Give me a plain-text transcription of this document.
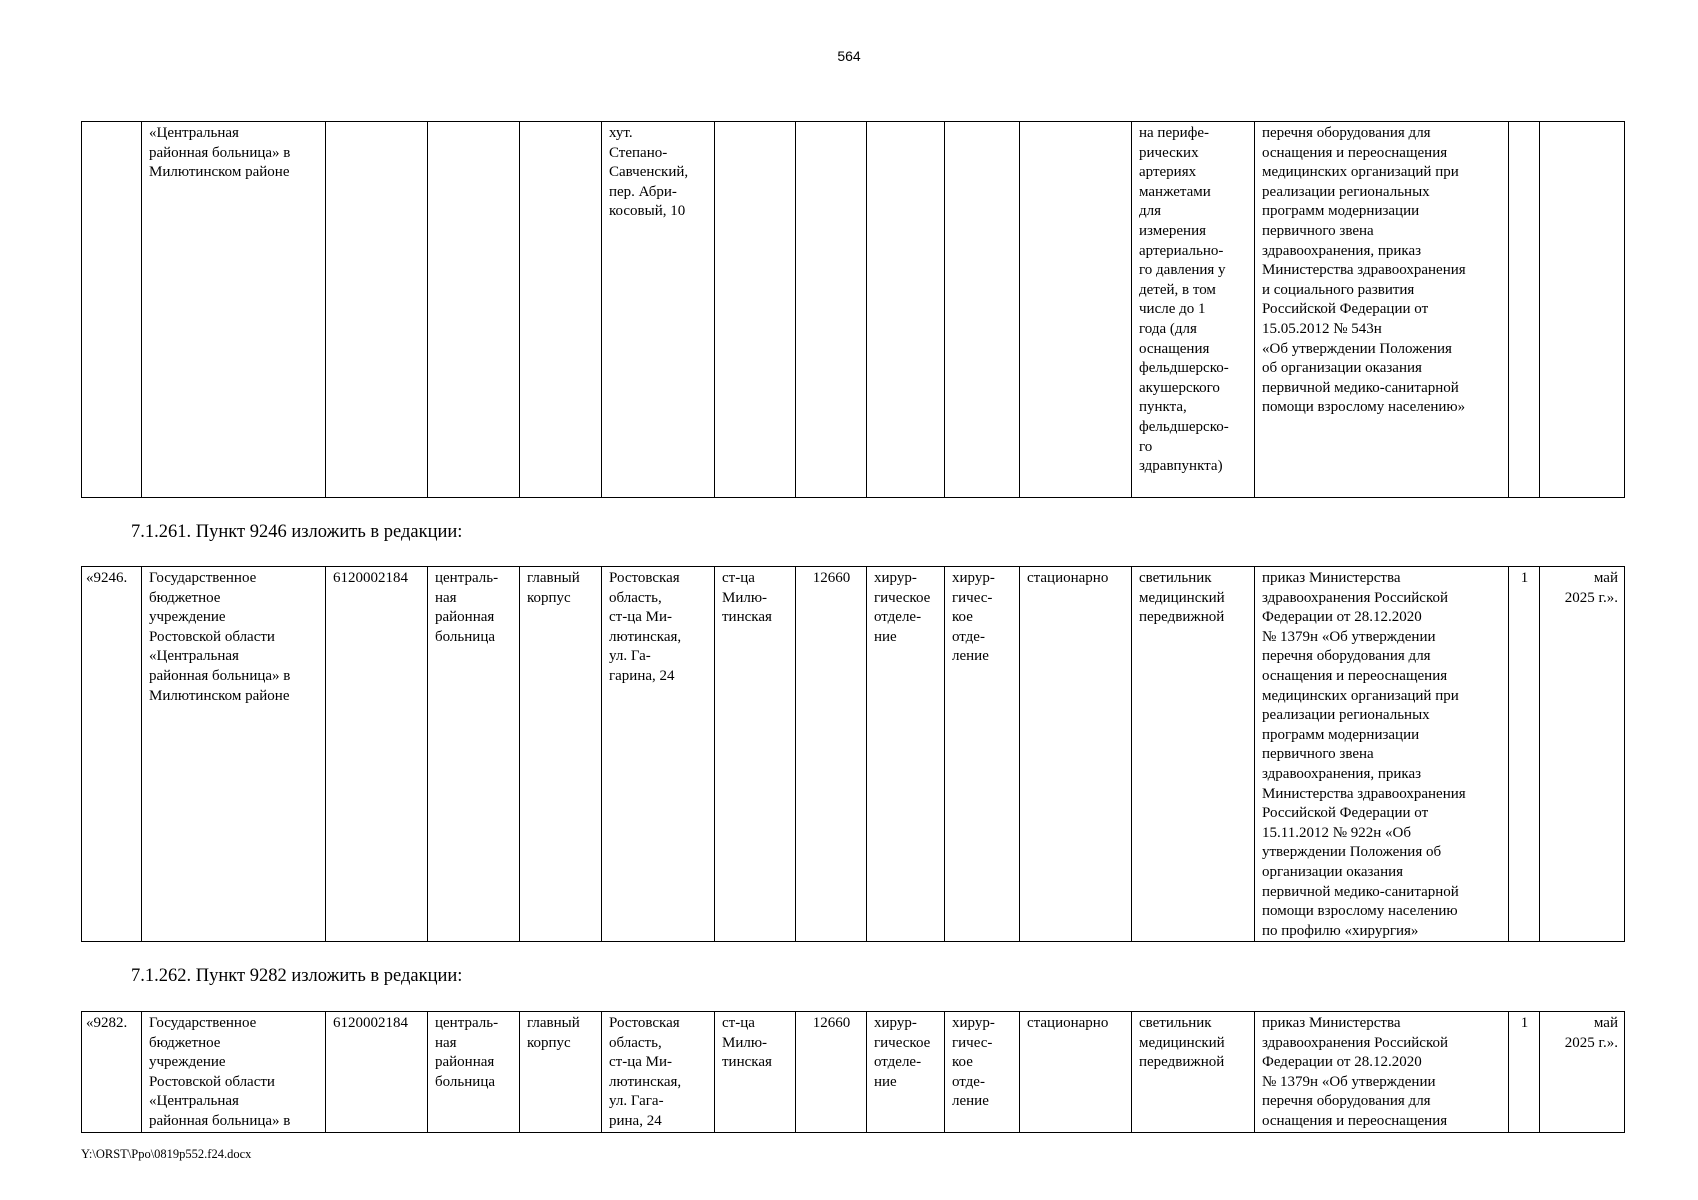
564
	«Центральная
районная больница» в
Милютинском районе				хут.
Степано-
Савченский,
пер. Абри-
косовый, 10						на перифе-
рических
артериях
манжетами
для
измерения
артериально-
го давления у
детей, в том
числе до 1
года (для
оснащения
фельдшерско-
акушерского
пункта,
фельдшерско-
го
здравпункта)	перечня оборудования для
оснащения и переоснащения
медицинских организаций при
реализации региональных
программ модернизации
первичного звена
здравоохранения, приказ
Министерства здравоохранения
и социального развития
Российской Федерации от
15.05.2012 № 543н
«Об утверждении Положения
об организации оказания
первичной медико-санитарной
помощи взрослому населению»		
7.1.261. Пункт 9246 изложить в редакции:
«9246.	Государственное
бюджетное
учреждение
Ростовской области
«Центральная
районная больница» в
Милютинском районе	6120002184	централь-
ная
районная
больница	главный
корпус	Ростовская
область,
ст-ца Ми-
лютинская,
ул. Га-
гарина, 24	ст-ца
Милю-
тинская	12660	хирур-
гическое
отделе-
ние	хирур-
гичес-
кое
отде-
ление	стационарно	светильник
медицинский
передвижной	приказ Министерства
здравоохранения Российской
Федерации от 28.12.2020
№ 1379н «Об утверждении
перечня оборудования для
оснащения и переоснащения
медицинских организаций при
реализации региональных
программ модернизации
первичного звена
здравоохранения, приказ
Министерства здравоохранения
Российской Федерации от
15.11.2012 № 922н «Об
утверждении Положения об
организации оказания
первичной медико-санитарной
помощи взрослому населению
по профилю «хирургия»	1	май
2025 г.».
7.1.262. Пункт 9282 изложить в редакции:
«9282.	Государственное
бюджетное
учреждение
Ростовской области
«Центральная
районная больница» в	6120002184	централь-
ная
районная
больница	главный
корпус	Ростовская
область,
ст-ца Ми-
лютинская,
ул. Гага-
рина, 24	ст-ца
Милю-
тинская	12660	хирур-
гическое
отделе-
ние	хирур-
гичес-
кое
отде-
ление	стационарно	светильник
медицинский
передвижной	приказ Министерства
здравоохранения Российской
Федерации от 28.12.2020
№ 1379н «Об утверждении
перечня оборудования для
оснащения и переоснащения	1	май
2025 г.».
Y:\ORST\Ppo\0819p552.f24.docx
